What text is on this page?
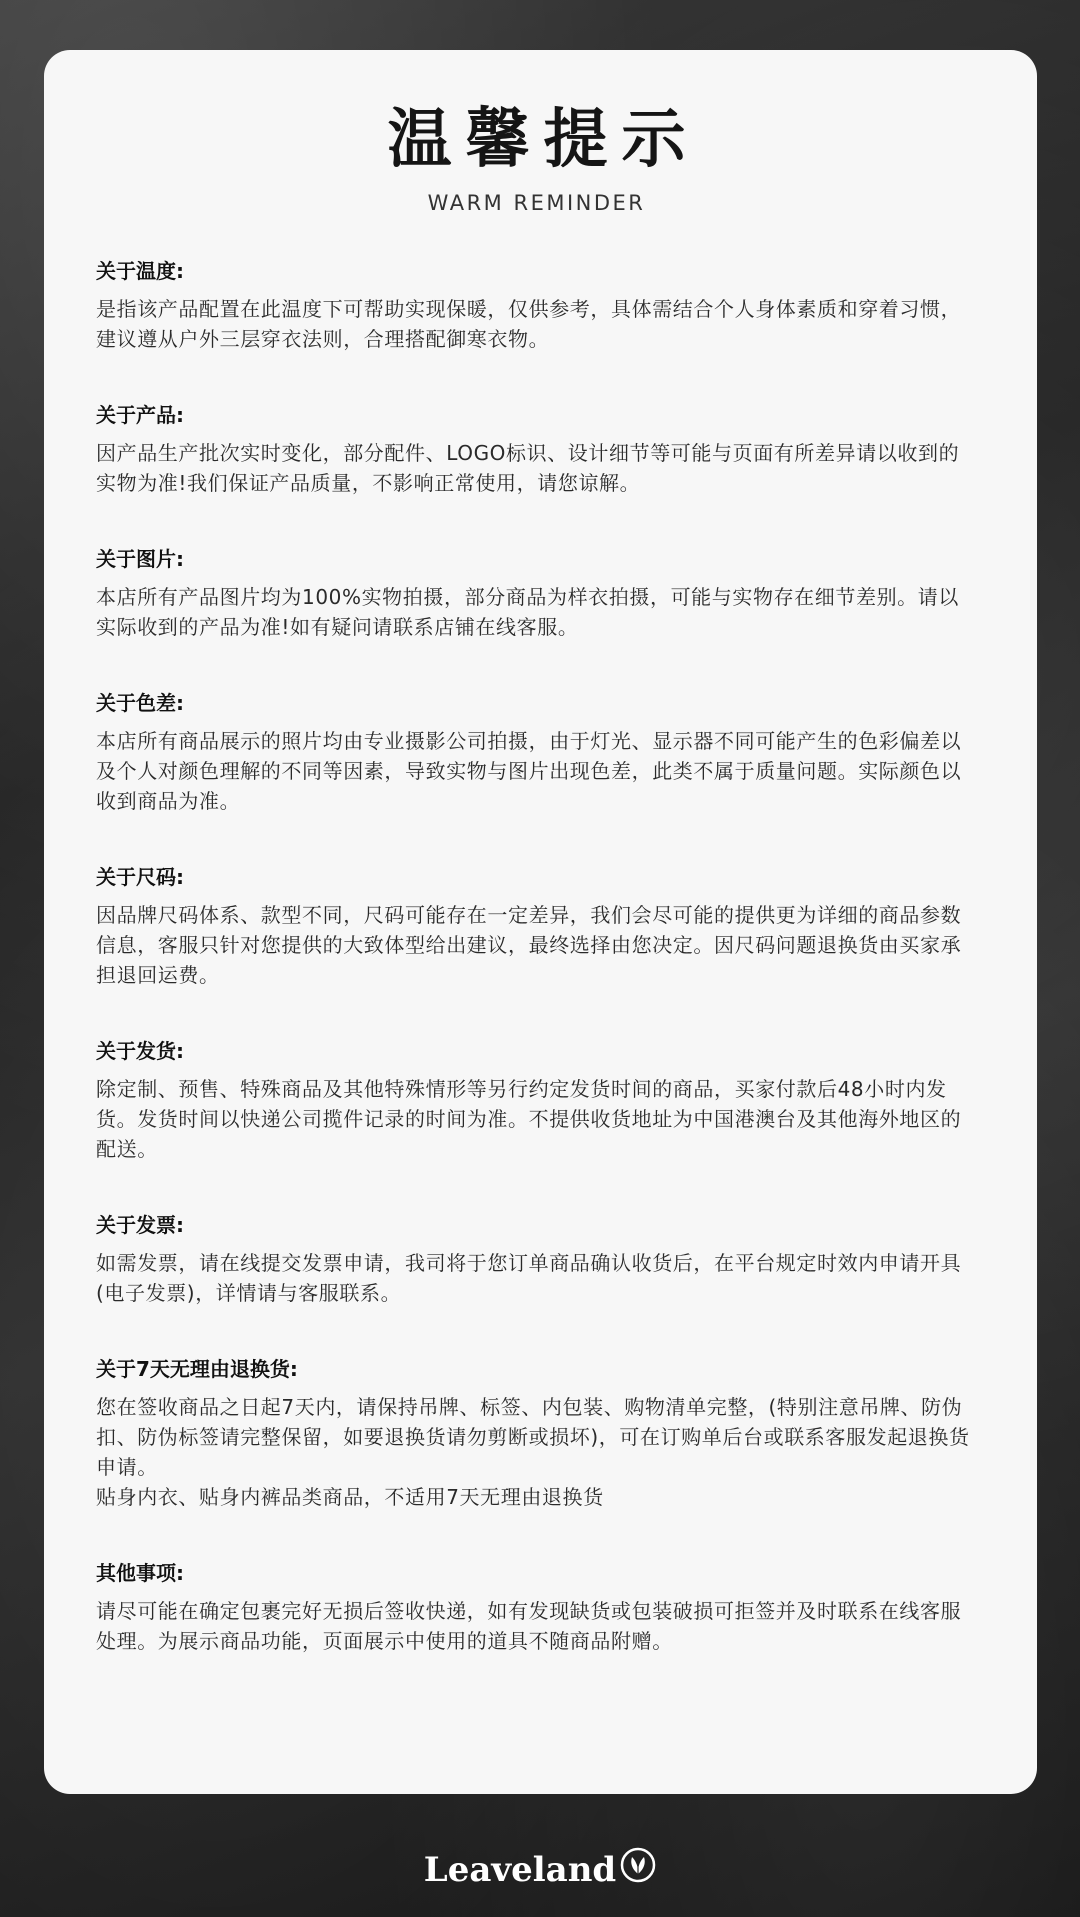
温馨提示
WARM REMINDER
关于温度:
是指该产品配置在此温度下可帮助实现保暖，仅供参考，具体需结合个人身体素质和穿着习惯，建议遵从户外三层穿衣法则，合理搭配御寒衣物。
关于产品:
因产品生产批次实时变化，部分配件、LOGO标识、设计细节等可能与页面有所差异请以收到的实物为准!我们保证产品质量，不影响正常使用，请您谅解。
关于图片:
本店所有产品图片均为100%实物拍摄，部分商品为样衣拍摄，可能与实物存在细节差别。请以实际收到的产品为准!如有疑问请联系店铺在线客服。
关于色差:
本店所有商品展示的照片均由专业摄影公司拍摄，由于灯光、显示器不同可能产生的色彩偏差以及个人对颜色理解的不同等因素，导致实物与图片出现色差，此类不属于质量问题。实际颜色以收到商品为准。
关于尺码:
因品牌尺码体系、款型不同，尺码可能存在一定差异，我们会尽可能的提供更为详细的商品参数信息，客服只针对您提供的大致体型给出建议，最终选择由您决定。因尺码问题退换货由买家承担退回运费。
关于发货:
除定制、预售、特殊商品及其他特殊情形等另行约定发货时间的商品，买家付款后48小时内发货。发货时间以快递公司揽件记录的时间为准。不提供收货地址为中国港澳台及其他海外地区的配送。
关于发票:
如需发票，请在线提交发票申请，我司将于您订单商品确认收货后，在平台规定时效内申请开具(电子发票)，详情请与客服联系。
关于7天无理由退换货:
您在签收商品之日起7天内，请保持吊牌、标签、内包装、购物清单完整，(特别注意吊牌、防伪扣、防伪标签请完整保留，如要退换货请勿剪断或损坏)，可在订购单后台或联系客服发起退换货申请。
贴身内衣、贴身内裤品类商品，不适用7天无理由退换货
其他事项:
请尽可能在确定包裹完好无损后签收快递，如有发现缺货或包装破损可拒签并及时联系在线客服处理。为展示商品功能，页面展示中使用的道具不随商品附赠。
Leaveland
